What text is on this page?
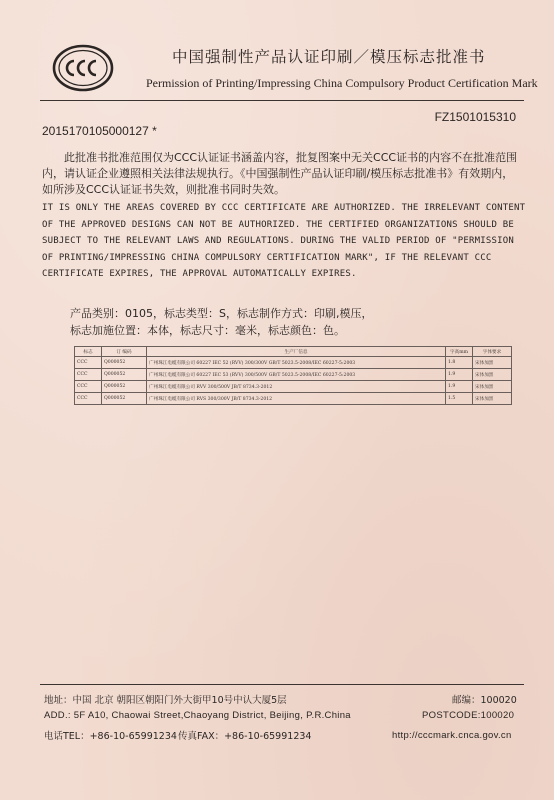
中国强制性产品认证印刷／模压标志批准书
Permission of Printing/Impressing China Compulsory Product Certification Mark
FZ1501015310
2015170105000127 *
此批准书批准范围仅为CCC认证证书涵盖内容，批复图案中无关CCC证书的内容不在批准范围内，请认证企业遵照相关法律法规执行。《中国强制性产品认证印刷/模压标志批准书》有效期内，如所涉及CCC认证证书失效，则批准书同时失效。
IT IS ONLY THE AREAS COVERED BY CCC CERTIFICATE ARE AUTHORIZED. THE IRRELEVANT CONTENT OF THE APPROVED DESIGNS CAN NOT BE AUTHORIZED. THE CERTIFIED ORGANIZATIONS SHOULD BE SUBJECT TO THE RELEVANT LAWS AND REGULATIONS. DURING THE VALID PERIOD OF "PERMISSION OF PRINTING/IMPRESSING CHINA COMPULSORY CERTIFICATION MARK", IF THE RELEVANT CCC CERTIFICATE EXPIRES, THE APPROVAL AUTOMATICALLY EXPIRES.
产品类别：0105，标志类型：S，标志制作方式：印刷,模压，
标志加施位置：本体，标志尺寸：毫米，标志颜色：色。
标志	订 编码	生产厂信息	字高mm	字体要求
CCC	Q000052	广州珠江电缆有限公司 60227 IEC 52 (RVV) 300/300V GB/T 5023.5-2008/IEC 60227-5:2003	1.8	宋体加黑
CCC	Q000052	广州珠江电缆有限公司 60227 IEC 53 (RVV) 300/500V GB/T 5023.5-2008/IEC 60227-5:2003	1.9	宋体加黑
CCC	Q000052	广州珠江电缆有限公司 RVV 300/500V JB/T 8734.3-2012	1.9	宋体加黑
CCC	Q000052	广州珠江电缆有限公司 RVS 300/300V JB/T 8734.3-2012	1.5	宋体加黑
地址：中国 北京 朝阳区朝阳门外大街甲10号中认大厦5层	邮编：100020
ADD.: 5F A10, Chaowai Street,Chaoyang District, Beijing, P.R.China	POSTCODE:100020
电话TEL：+86-10-65991234 传真FAX：+86-10-65991234	http://cccmark.cnca.gov.cn
